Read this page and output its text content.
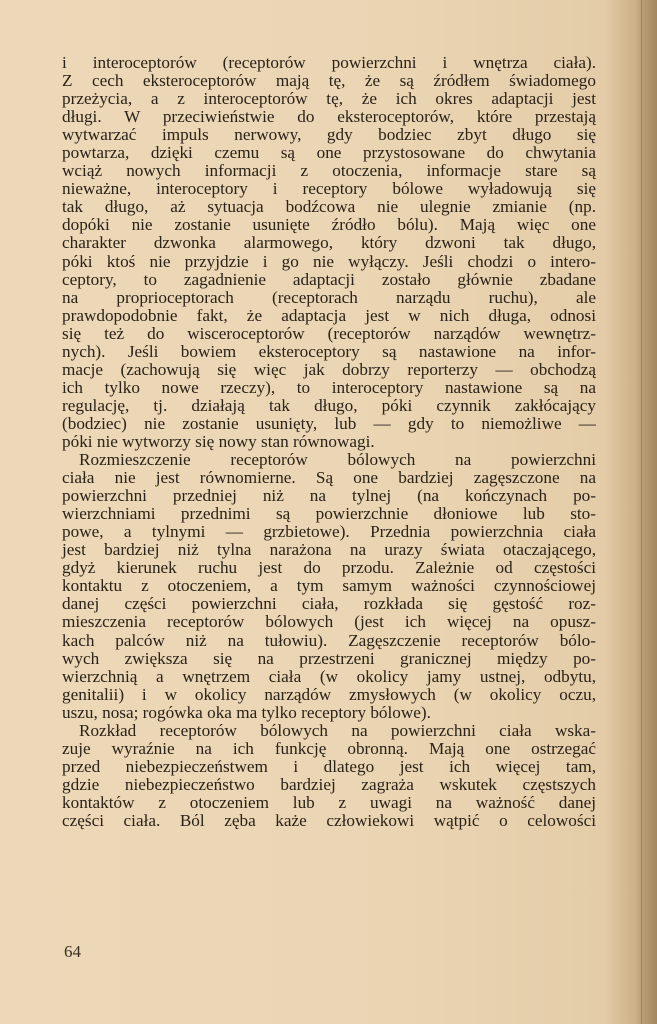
i interoceptorów (receptorów powierzchni i wnętrza ciała).
Z cech eksteroceptorów mają tę, że są źródłem świadomego
przeżycia, a z interoceptorów tę, że ich okres adaptacji jest
długi. W przeciwieństwie do eksteroceptorów, które przestają
wytwarzać impuls nerwowy, gdy bodziec zbyt długo się
powtarza, dzięki czemu są one przystosowane do chwytania
wciąż nowych informacji z otoczenia, informacje stare są
nieważne, interoceptory i receptory bólowe wyładowują się
tak długo, aż sytuacja bodźcowa nie ulegnie zmianie (np.
dopóki nie zostanie usunięte źródło bólu). Mają więc one
charakter dzwonka alarmowego, który dzwoni tak długo,
póki ktoś nie przyjdzie i go nie wyłączy. Jeśli chodzi o intero-
ceptory, to zagadnienie adaptacji zostało głównie zbadane
na proprioceptorach (receptorach narządu ruchu), ale
prawdopodobnie fakt, że adaptacja jest w nich długa, odnosi
się też do wisceroceptorów (receptorów narządów wewnętrz-
nych). Jeśli bowiem eksteroceptory są nastawione na infor-
macje (zachowują się więc jak dobrzy reporterzy — obchodzą
ich tylko nowe rzeczy), to interoceptory nastawione są na
regulację, tj. działają tak długo, póki czynnik zakłócający
(bodziec) nie zostanie usunięty, lub — gdy to niemożliwe —
póki nie wytworzy się nowy stan równowagi.
Rozmieszczenie receptorów bólowych na powierzchni
ciała nie jest równomierne. Są one bardziej zagęszczone na
powierzchni przedniej niż na tylnej (na kończynach po-
wierzchniami przednimi są powierzchnie dłoniowe lub sto-
powe, a tylnymi — grzbietowe). Przednia powierzchnia ciała
jest bardziej niż tylna narażona na urazy świata otaczającego,
gdyż kierunek ruchu jest do przodu. Zależnie od częstości
kontaktu z otoczeniem, a tym samym ważności czynnościowej
danej części powierzchni ciała, rozkłada się gęstość roz-
mieszczenia receptorów bólowych (jest ich więcej na opusz-
kach palców niż na tułowiu). Zagęszczenie receptorów bólo-
wych zwiększa się na przestrzeni granicznej między po-
wierzchnią a wnętrzem ciała (w okolicy jamy ustnej, odbytu,
genitalii) i w okolicy narządów zmysłowych (w okolicy oczu,
uszu, nosa; rogówka oka ma tylko receptory bólowe).
Rozkład receptorów bólowych na powierzchni ciała wska-
zuje wyraźnie na ich funkcję obronną. Mają one ostrzegać
przed niebezpieczeństwem i dlatego jest ich więcej tam,
gdzie niebezpieczeństwo bardziej zagraża wskutek częstszych
kontaktów z otoczeniem lub z uwagi na ważność danej
części ciała. Ból zęba każe człowiekowi wątpić o celowości
64
